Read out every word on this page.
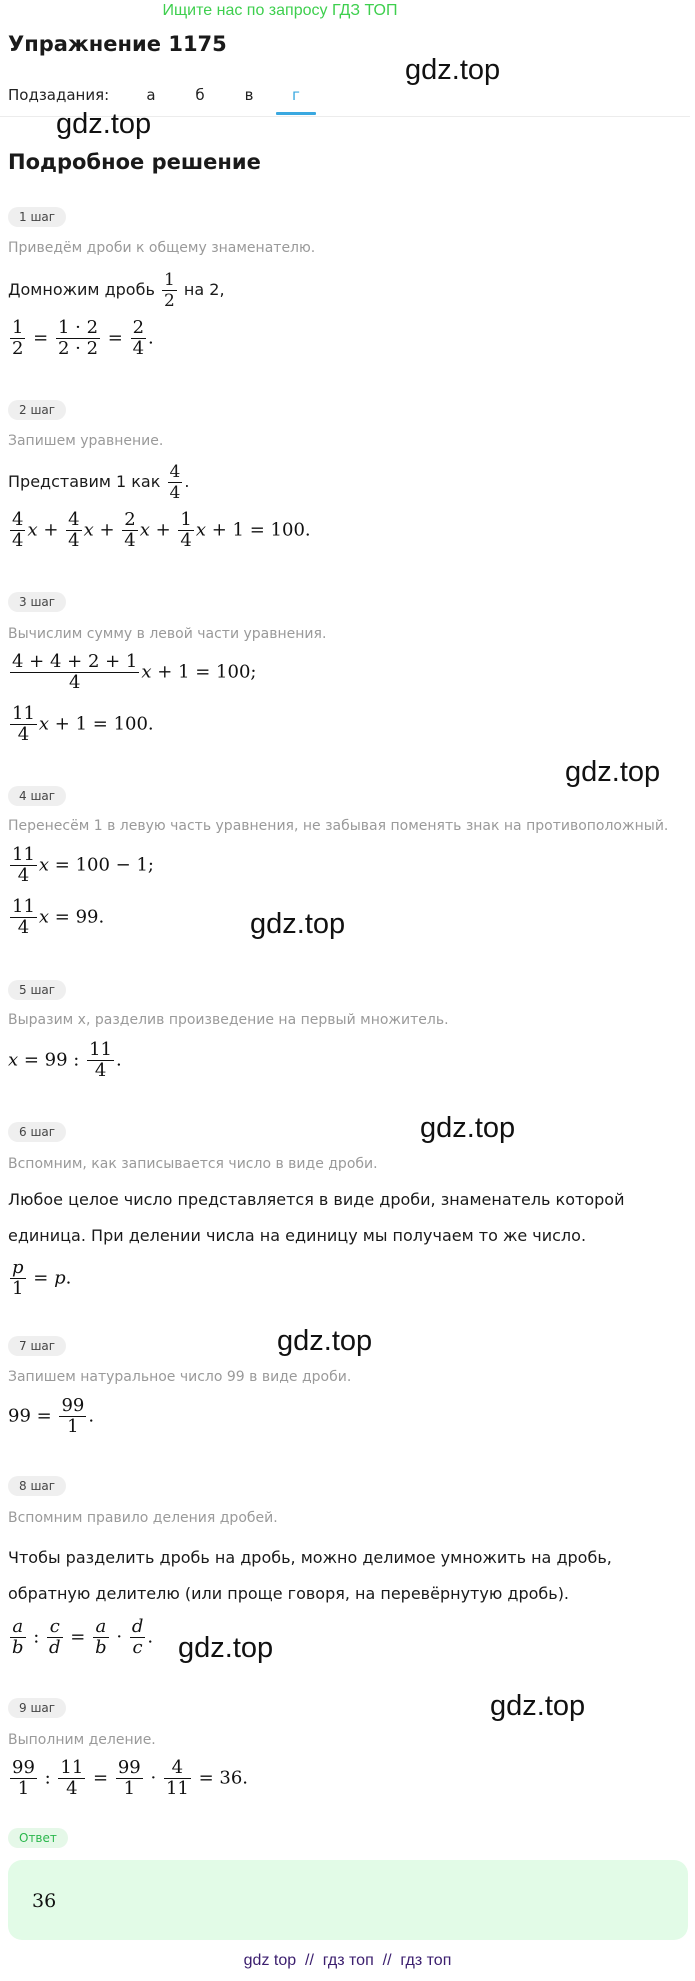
Ищите нас по запросу ГДЗ ТОП
Упражнение 1175
Подзадания:	а	б	в	г
Подробное решение
gdz.top
gdz.top
gdz.top
gdz.top
gdz.top
gdz.top
gdz.top
gdz.top
1 шаг
Приведём дроби к общему знаменателю.
Домножим дробь $\frac{1}{2}$ на 2,
$\frac{1}{2} = \frac{1 \cdot 2}{2 \cdot 2} = \frac{2}{4}$ .
2 шаг
Запишем уравнение.
Представим 1 как $\frac{4}{4}$ .
$\frac{4}{4}$ $x + \frac{4}{4}$ $x + \frac{2}{4}$ $x + \frac{1}{4}$ x + 1 = 100.
3 шаг
Вычислим сумму в левой части уравнения.
$\frac{4 + 4 + 2 + 1}{4}$ x + 1 = 100;
$\frac{11}{4}$ x + 1 = 100.
4 шаг
Перенесём 1 в левую часть уравнения, не забывая поменять знак на противоположный.
$\frac{11}{4}$ x = 100 − 1;
$\frac{11}{4}$ x = 99.
5 шаг
Выразим x, разделив произведение на первый множитель.
x = 99 : $\frac{11}{4}$ .
6 шаг
Вспомним, как записывается число в виде дроби.
Любое целое число представляется в виде дроби, знаменатель которой
единица. При делении числа на единицу мы получаем то же число.
$\frac{p}{1} = p$.
7 шаг
Запишем натуральное число 99 в виде дроби.
$99 = \frac{99}{1}$ .
8 шаг
Вспомним правило деления дробей.
Чтобы разделить дробь на дробь, можно делимое умножить на дробь,
обратную делителю (или проще говоря, на перевёрнутую дробь).
$\frac{a}{b}$ : $\frac{c}{d} = \frac{a}{b} \cdot \frac{d}{c}$ .
9 шаг
Выполним деление.
$\frac{99}{1}$ : $\frac{11}{4} = \frac{99}{1} \cdot \frac{4}{11} = 36$.
Ответ
36
gdz top  //  гдз топ  //  гдз топ
